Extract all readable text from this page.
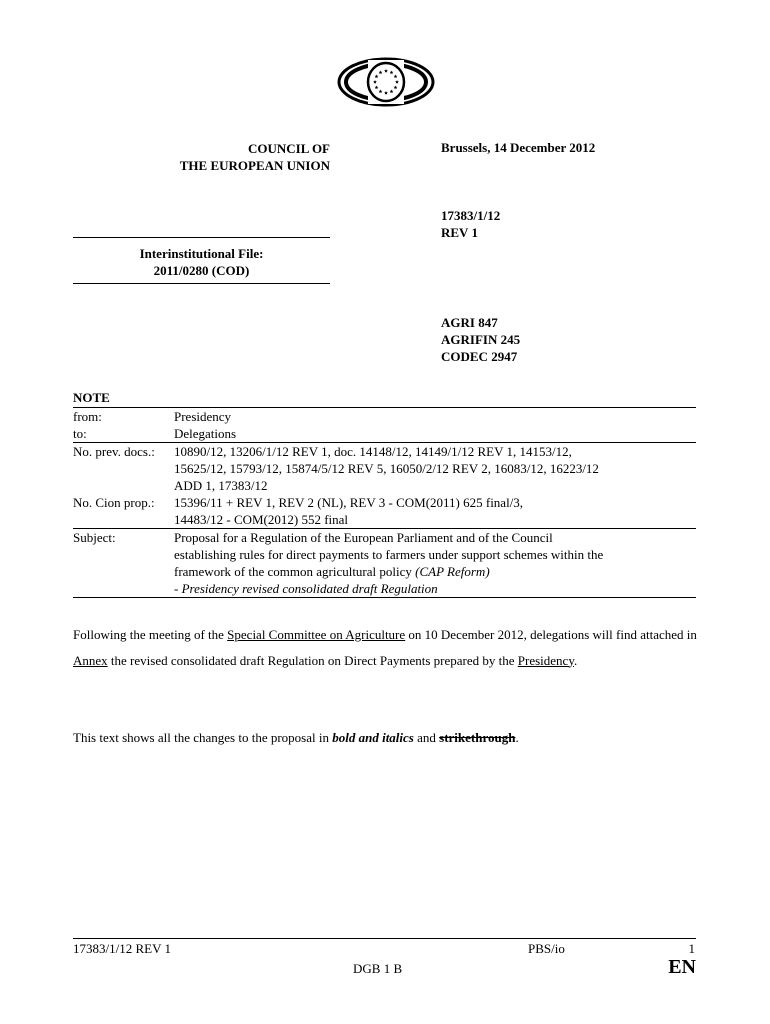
COUNCIL OF
THE EUROPEAN UNION
Brussels, 14 December 2012
17383/1/12
REV 1
Interinstitutional File:
2011/0280 (COD)
AGRI 847
AGRIFIN 245
CODEC 2947
NOTE
from:	Presidency
to:	Delegations
No. prev. docs.:	10890/12, 13206/1/12 REV 1, doc. 14148/12, 14149/1/12 REV 1, 14153/12,
15625/12, 15793/12, 15874/5/12 REV 5, 16050/2/12 REV 2, 16083/12, 16223/12
ADD 1, 17383/12

No. Cion prop.:	15396/11 + REV 1, REV 2 (NL), REV 3 - COM(2011) 625 final/3,
14483/12 - COM(2012) 552 final

Subject:	Proposal for a Regulation of the European Parliament and of the Council
establishing rules for direct payments to farmers under support schemes within the
framework of the common agricultural policy (CAP Reform)
- Presidency revised consolidated draft Regulation
Following the meeting of the Special Committee on Agriculture on 10 December 2012, delegations will find attached in Annex the revised consolidated draft Regulation on Direct Payments prepared by the Presidency.
This text shows all the changes to the proposal in bold and italics and strikethrough.
17383/1/12 REV 1	PBS/io	1
DGB 1 B	EN
